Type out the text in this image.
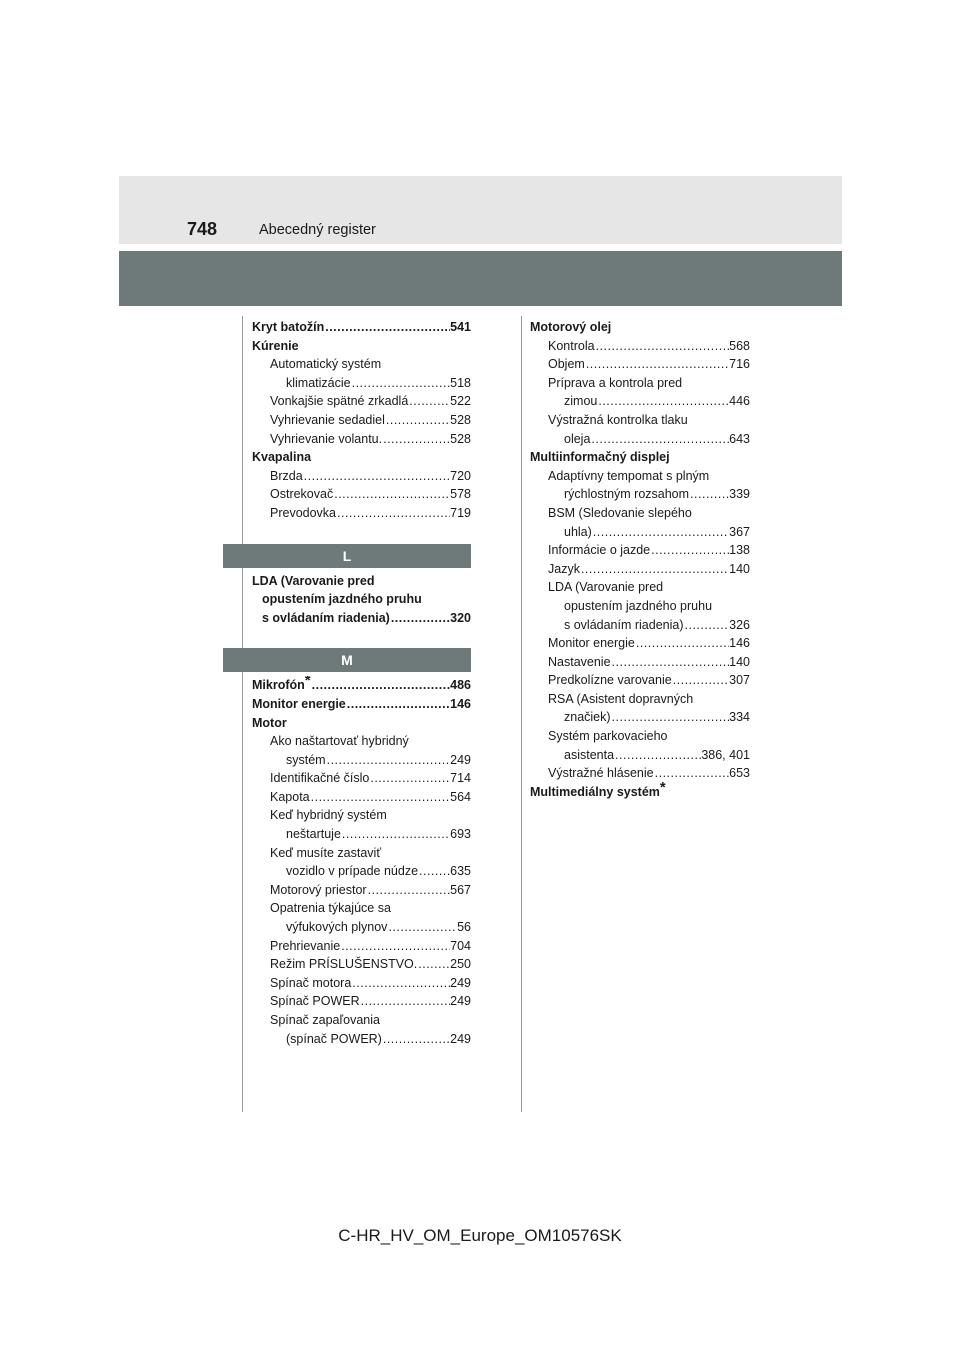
748	Abecedný register
Kryt batožín .....	541
Kúrenie
Automatický systém
klimatizácie .....	518
Vonkajšie spätné zrkadlá .....	522
Vyhrievanie sedadiel .....	528
Vyhrievanie volantu. .....	528
Kvapalina
Brzda .....	720
Ostrekovač .....	578
Prevodovka .....	719
L
LDA (Varovanie pred
opustením jazdného pruhu
s ovládaním riadenia) .....	320
M
Mikrofón* .....	486
Monitor energie .....	146
Motor
Ako naštartovať hybridný
systém .....	249
Identifikačné číslo .....	714
Kapota .....	564
Keď hybridný systém
neštartuje .....	693
Keď musíte zastaviť
vozidlo v prípade núdze .....	635
Motorový priestor .....	567
Opatrenia týkajúce sa
výfukových plynov .....	56
Prehrievanie .....	704
Režim PRÍSLUŠENSTVO. .....	250
Spínač motora .....	249
Spínač POWER .....	249
Spínač zapaľovania
(spínač POWER) .....	249
Motorový olej
Kontrola .....	568
Objem .....	716
Príprava a kontrola pred
zimou .....	446
Výstražná kontrolka tlaku
oleja .....	643
Multiinformačný displej
Adaptívny tempomat s plným
rýchlostným rozsahom .....	339
BSM (Sledovanie slepého
uhla) .....	367
Informácie o jazde .....	138
Jazyk .....	140
LDA (Varovanie pred
opustením jazdného pruhu
s ovládaním riadenia) .....	326
Monitor energie .....	146
Nastavenie .....	140
Predkolízne varovanie .....	307
RSA (Asistent dopravných
značiek) .....	334
Systém parkovacieho
asistenta .....	386, 401
Výstražné hlásenie .....	653
Multimediálny systém*
C-HR_HV_OM_Europe_OM10576SK
